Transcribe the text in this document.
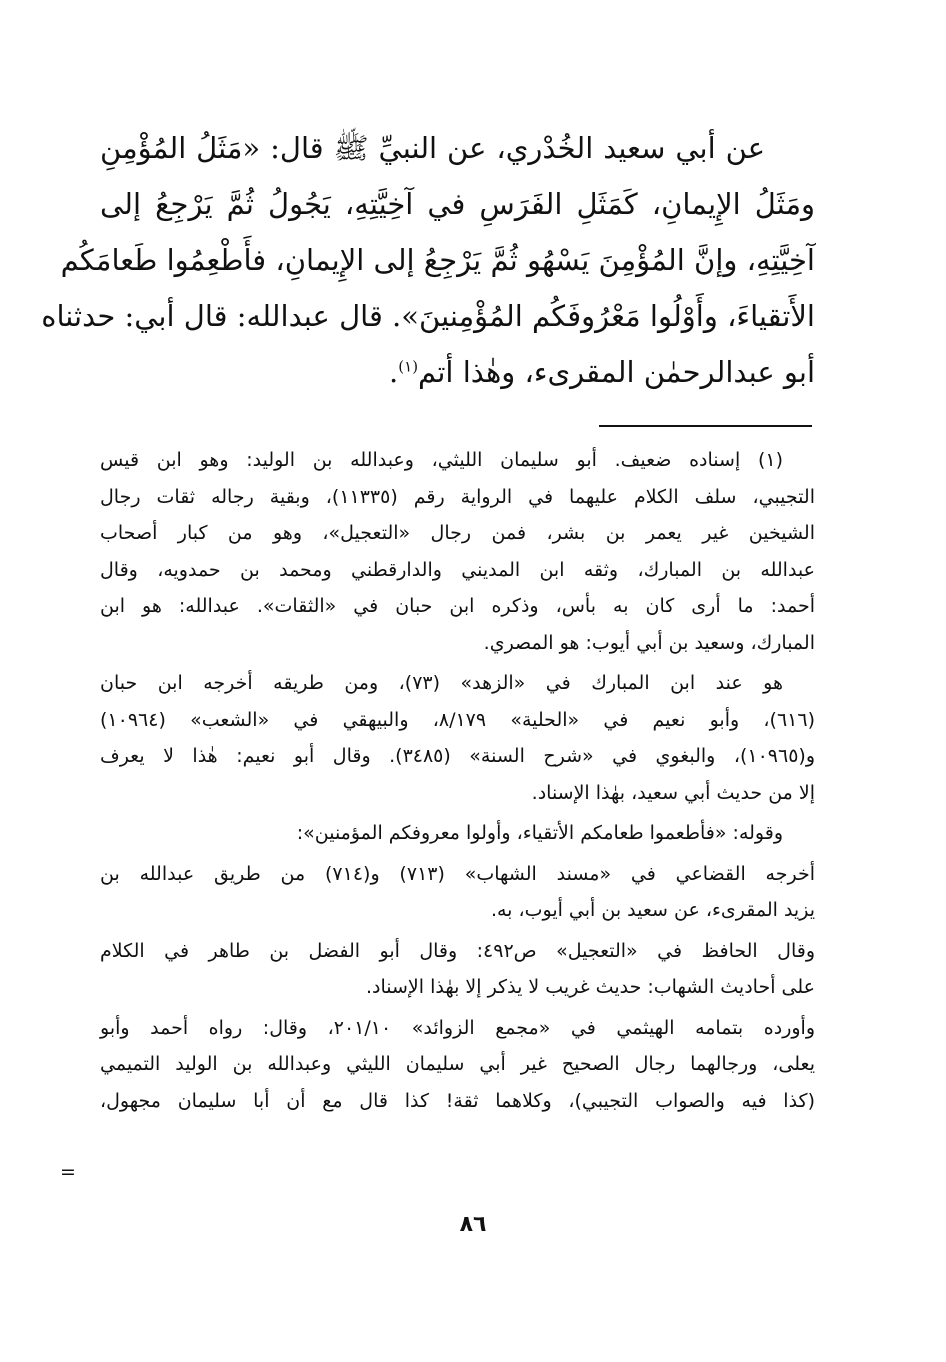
عن أبي سعيد الخُدْري، عن النبيِّ ﷺ قال: «مَثَلُ المُؤْمِنِ
ومَثَلُ الإِيمانِ، كَمَثَلِ الفَرَسِ في آخِيَّتِهِ، يَجُولُ ثُمَّ يَرْجِعُ إلى
آخِيَّتِهِ، وإنَّ المُؤْمِنَ يَسْهُو ثُمَّ يَرْجِعُ إلى الإِيمانِ، فأَطْعِمُوا طَعامَكُم
الأَتقياءَ، وأَوْلُوا مَعْرُوفَكُم المُؤْمِنينَ». قال عبدالله: قال أبي: حدثناه
أبو عبدالرحمٰن المقرىء، وهٰذا أتم$^{(١)}$.

(١) إسناده ضعيف. أبو سليمان الليثي، وعبدالله بن الوليد: وهو ابن قيس
التجيبي، سلف الكلام عليهما في الرواية رقم (١١٣٣٥)، وبقية رجاله ثقات رجال
الشيخين غير يعمر بن بشر، فمن رجال «التعجيل»، وهو من كبار أصحاب
عبدالله بن المبارك، وثقه ابن المديني والدارقطني ومحمد بن حمدويه، وقال
أحمد: ما أرى كان به بأس، وذكره ابن حبان في «الثقات». عبدالله: هو ابن
المبارك، وسعيد بن أبي أيوب: هو المصري.

هو عند ابن المبارك في «الزهد» (٧٣)، ومن طريقه أخرجه ابن حبان
(٦١٦)، وأبو نعيم في «الحلية» ٨/١٧٩، والبيهقي في «الشعب» (١٠٩٦٤)
و(١٠٩٦٥)، والبغوي في «شرح السنة» (٣٤٨٥). وقال أبو نعيم: هٰذا لا يعرف
إلا من حديث أبي سعيد، بهٰذا الإسناد.

وقوله: «فأطعموا طعامكم الأتقياء، وأولوا معروفكم المؤمنين»:

أخرجه القضاعي في «مسند الشهاب» (٧١٣) و(٧١٤) من طريق عبدالله بن
يزيد المقرىء، عن سعيد بن أبي أيوب، به.

وقال الحافظ في «التعجيل» ص٤٩٢: وقال أبو الفضل بن طاهر في الكلام
على أحاديث الشهاب: حديث غريب لا يذكر إلا بهٰذا الإسناد.

وأورده بتمامه الهيثمي في «مجمع الزوائد» ٢٠١/١٠، وقال: رواه أحمد وأبو
يعلى، ورجالهما رجال الصحيح غير أبي سليمان الليثي وعبدالله بن الوليد التميمي
(كذا فيه والصواب التجيبي)، وكلاهما ثقة! كذا قال مع أن أبا سليمان مجهول،

=
٨٦
